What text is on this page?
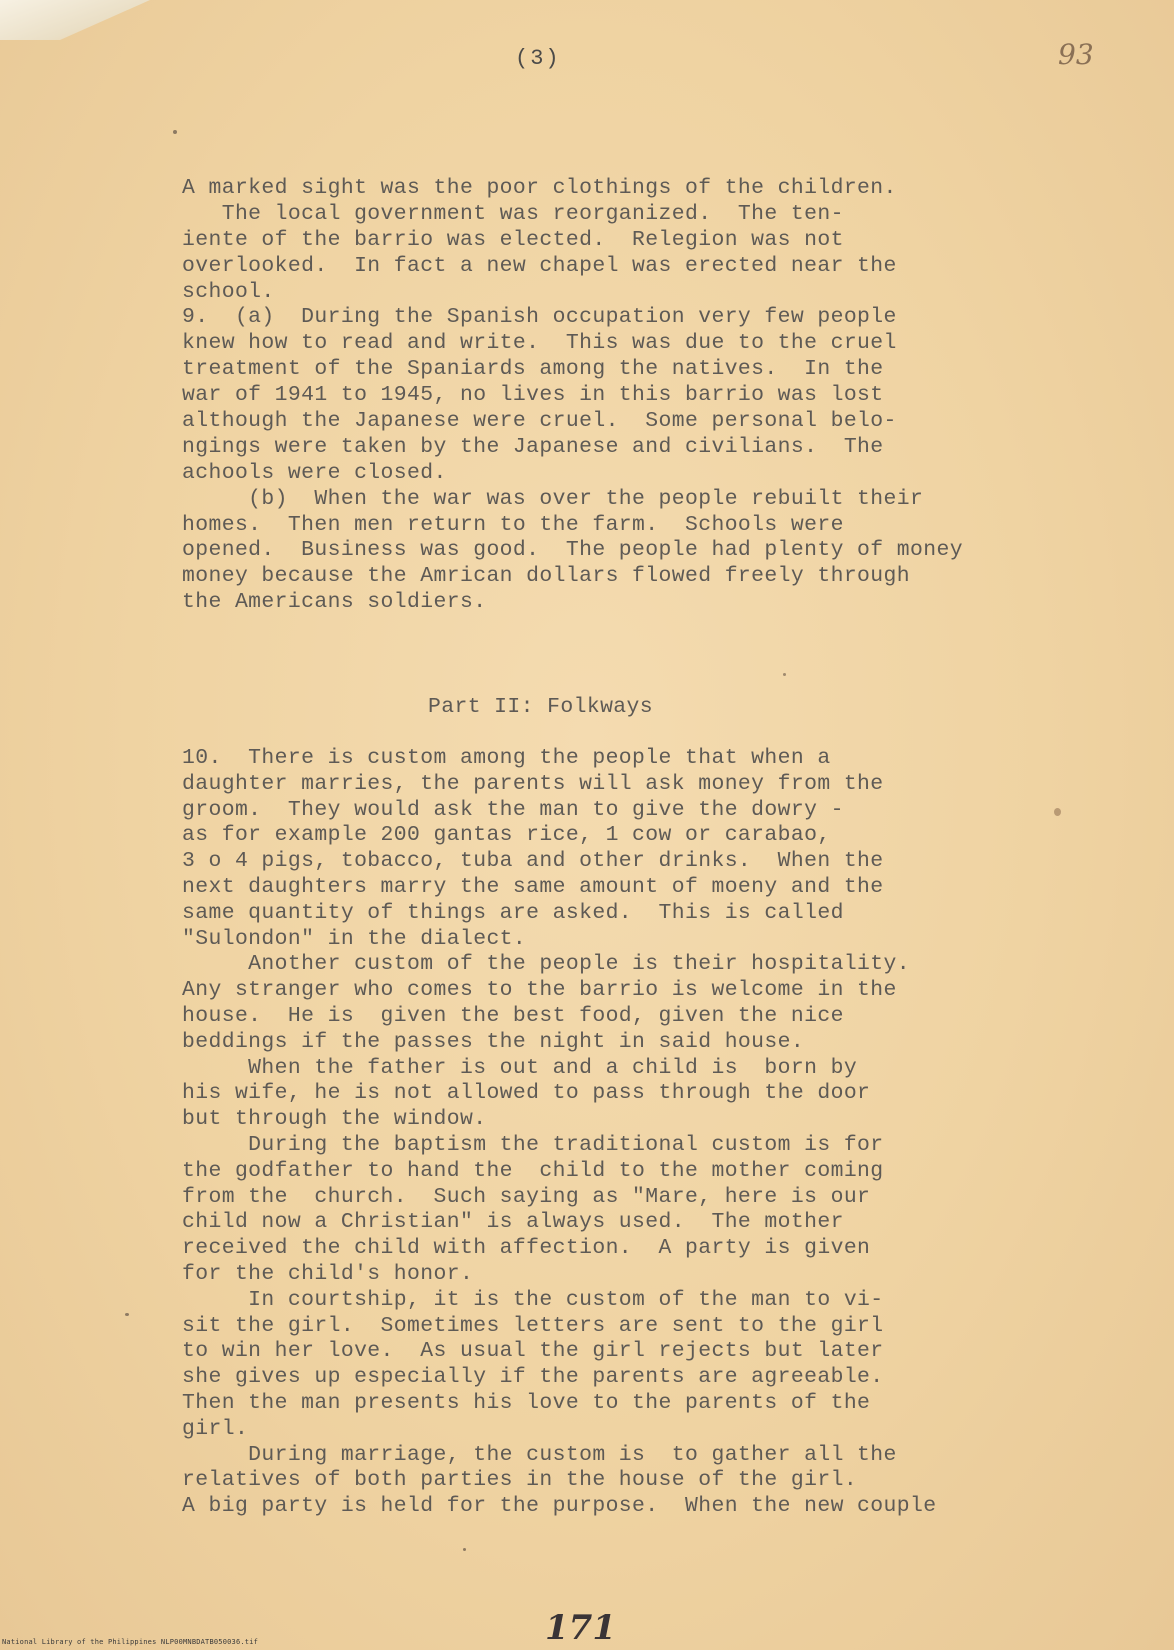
(3)	93
A marked sight was the poor clothings of the children.
The local government was reorganized.  The ten-
iente of the barrio was elected.  Relegion was not
overlooked.  In fact a new chapel was erected near the
school.
9.  (a)  During the Spanish occupation very few people
knew how to read and write.  This was due to the cruel
treatment of the Spaniards among the natives.  In the
war of 1941 to 1945, no lives in this barrio was lost
although the Japanese were cruel.  Some personal belo-
ngings were taken by the Japanese and civilians.  The
achools were closed.
(b)  When the war was over the people rebuilt their
homes.  Then men return to the farm.  Schools were
opened.  Business was good.  The people had plenty of money
money because the Amrican dollars flowed freely through
the Americans soldiers.
Part II: Folkways
10.  There is custom among the people that when a
daughter marries, the parents will ask money from the
groom.  They would ask the man to give the dowry -
as for example 200 gantas rice, 1 cow or carabao,
3 o 4 pigs, tobacco, tuba and other drinks.  When the
next daughters marry the same amount of moeny and the
same quantity of things are asked.  This is called
"Sulondon" in the dialect.
Another custom of the people is their hospitality.
Any stranger who comes to the barrio is welcome in the
house.  He is  given the best food, given the nice
beddings if the passes the night in said house.
When the father is out and a child is  born by
his wife, he is not allowed to pass through the door
but through the window.
During the baptism the traditional custom is for
the godfather to hand the  child to the mother coming
from the  church.  Such saying as "Mare, here is our
child now a Christian" is always used.  The mother
received the child with affection.  A party is given
for the child's honor.
In courtship, it is the custom of the man to vi-
sit the girl.  Sometimes letters are sent to the girl
to win her love.  As usual the girl rejects but later
she gives up especially if the parents are agreeable.
Then the man presents his love to the parents of the
girl.
During marriage, the custom is  to gather all the
relatives of both parties in the house of the girl.
A big party is held for the purpose.  When the new couple
171
National Library of the Philippines NLP00MNBDATB050036.tif
